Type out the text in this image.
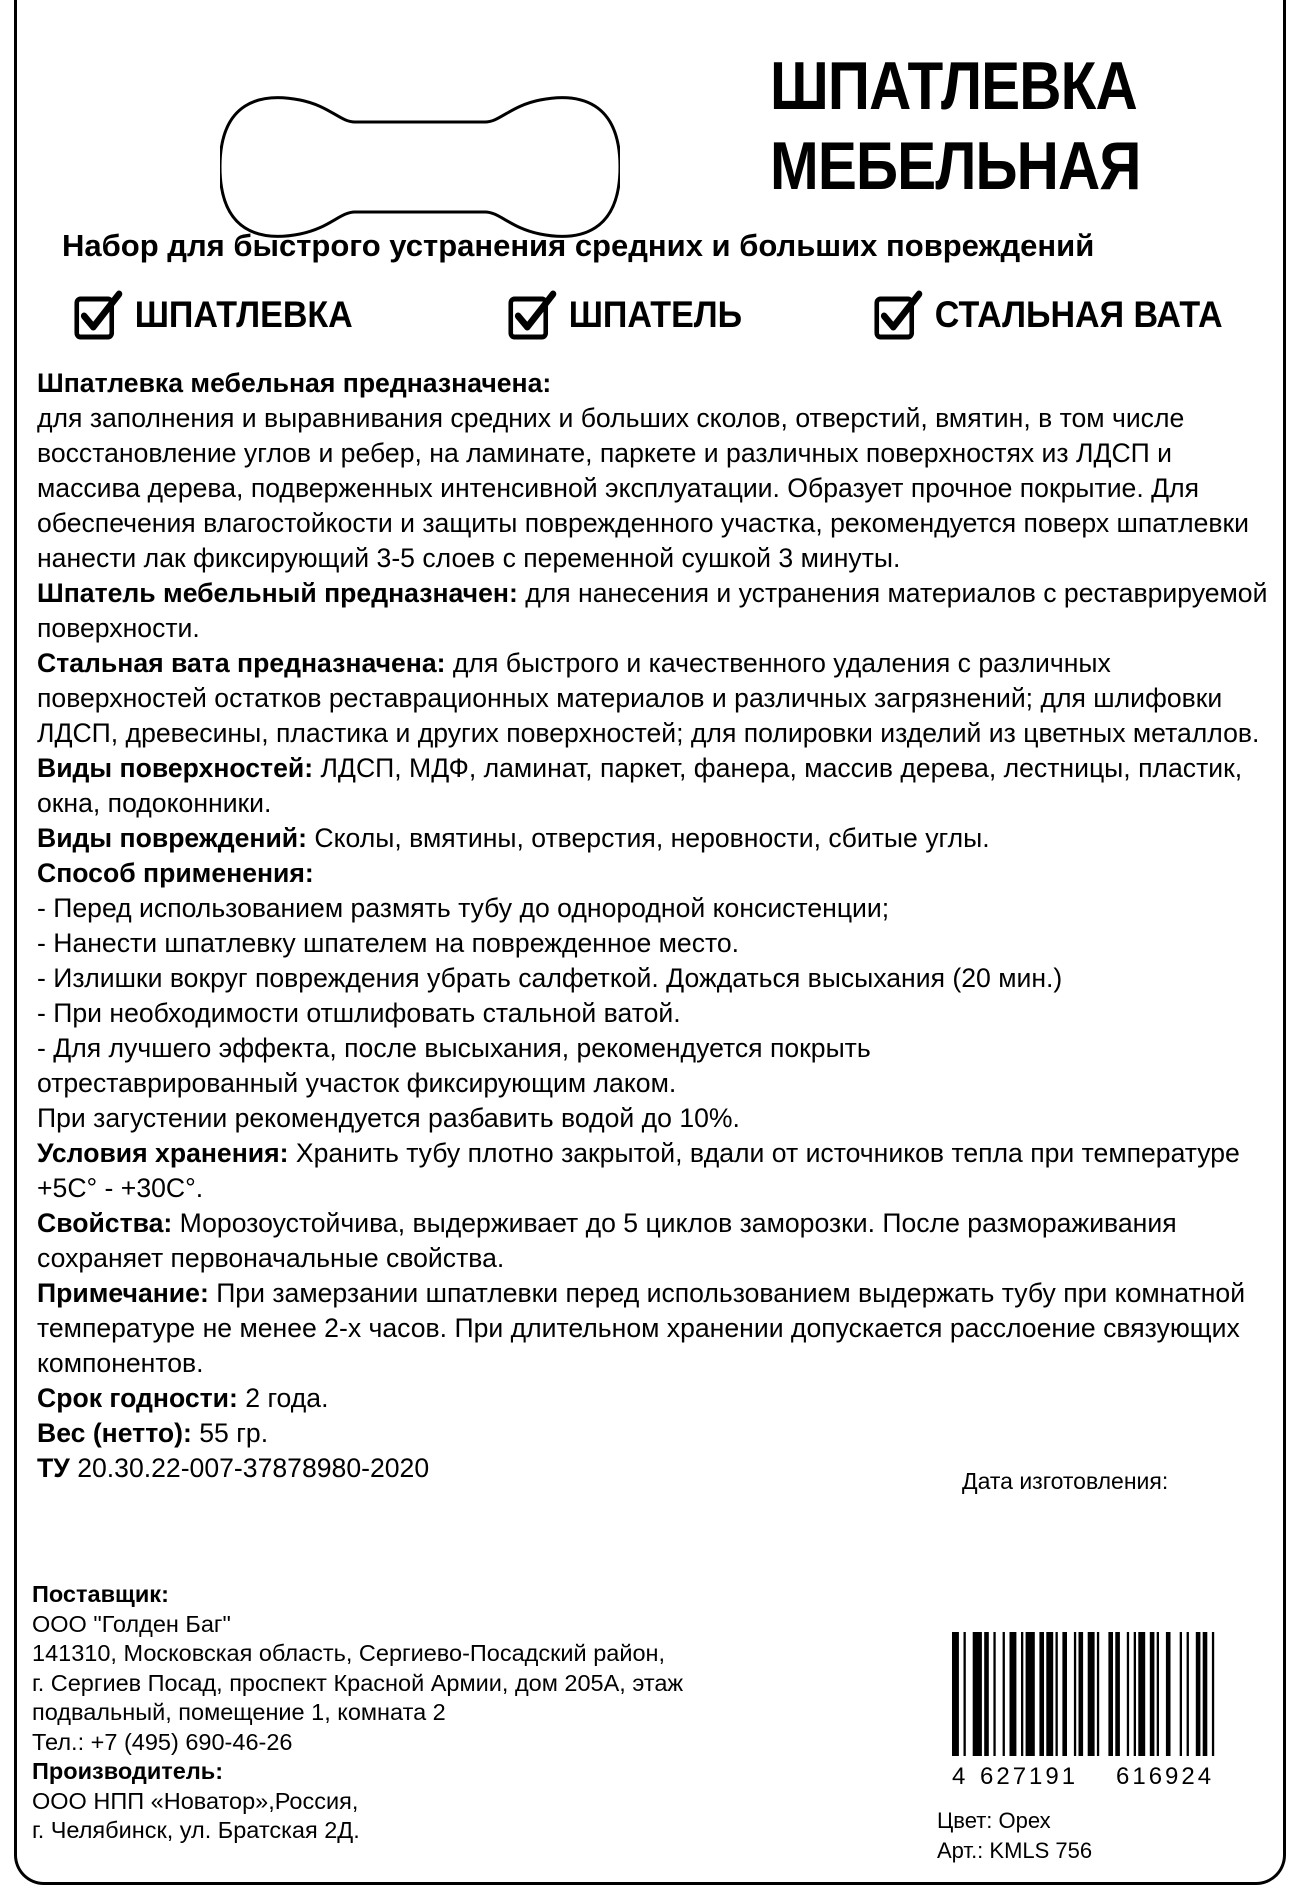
ШПАТЛЕВКА
МЕБЕЛЬНАЯ
Набор для быстрого устранения средних и больших повреждений
ШПАТЛЕВКА	ШПАТЕЛЬ	СТАЛЬНАЯ ВАТА

Шпатлевка мебельная предназначена:
для заполнения и выравнивания средних и больших сколов, отверстий, вмятин, в том числе восстановление углов и ребер, на ламинате, паркете и различных поверхностях из ЛДСП и массива дерева, подверженных интенсивной эксплуатации. Образует прочное покрытие. Для обеспечения влагостойкости и защиты поврежденного участка, рекомендуется поверх шпатлевки нанести лак фиксирующий 3-5 слоев с переменной сушкой 3 минуты.

Шпатель мебельный предназначен: для нанесения и устранения материалов с реставрируемой поверхности.

Стальная вата предназначена: для быстрого и качественного удаления с различных поверхностей остатков реставрационных материалов и различных загрязнений; для шлифовки ЛДСП, древесины, пластика и других поверхностей; для полировки изделий из цветных металлов.

Виды поверхностей: ЛДСП, МДФ, ламинат, паркет, фанера, массив дерева, лестницы, пластик, окна, подоконники.

Виды повреждений: Сколы, вмятины, отверстия, неровности, сбитые углы.

Способ применения:

- Перед использованием размять тубу до однородной консистенции;

- Нанести шпатлевку шпателем на поврежденное место.

- Излишки вокруг повреждения убрать салфеткой. Дождаться высыхания (20 мин.)

- При необходимости отшлифовать стальной ватой.

- Для лучшего эффекта, после высыхания, рекомендуется покрыть отреставрированный участок фиксирующим лаком.

При загустении рекомендуется разбавить водой до 10%.

Условия хранения: Хранить тубу плотно закрытой, вдали от источников тепла при температуре +5С° - +30С°.

Свойства: Морозоустойчива, выдерживает до 5 циклов заморозки. После размораживания сохраняет первоначальные свойства.

Примечание: При замерзании шпатлевки перед использованием выдержать тубу при комнатной температуре не менее 2-х часов. При длительном хранении допускается расслоение связующих компонентов.

Срок годности: 2 года.

Вес (нетто): 55 гр.

ТУ 20.30.22-007-37878980-2020	Дата изготовления:

Поставщик:

ООО "Голден Баг"

141310, Московская область, Сергиево-Посадский район,

г. Сергиев Посад, проспект Красной Армии, дом 205А, этаж

подвальный, помещение 1, комната 2

Тел.: +7 (495) 690-46-26

Производитель:

ООО НПП «Новатор»,Россия,

г. Челябинск, ул. Братская 2Д.

4 627191 616924

Цвет: Орех

Арт.: KMLS 756
